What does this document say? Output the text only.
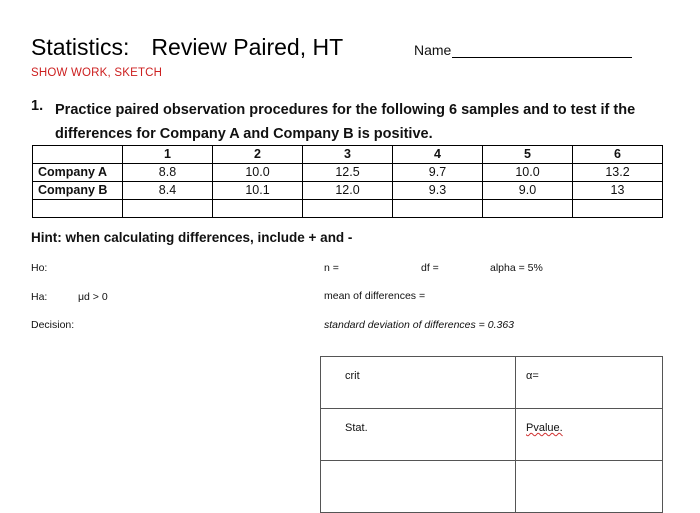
Statistics: Review Paired, HT	Name
SHOW WORK, SKETCH
1. Practice paired observation procedures for the following 6 samples and to test if the differences for Company A and Company B is positive.
	1	2	3	4	5	6
Company A	8.8	10.0	12.5	9.7	10.0	13.2
Company B	8.4	10.1	12.0	9.3	9.0	13

Hint: when calculating differences, include + and -
Ho:
Ha:	μd > 0
Decision:
n =	df =	alpha = 5%
mean of differences =
standard deviation of differences = 0.363
crit	α=
Stat.	Pvalue.
